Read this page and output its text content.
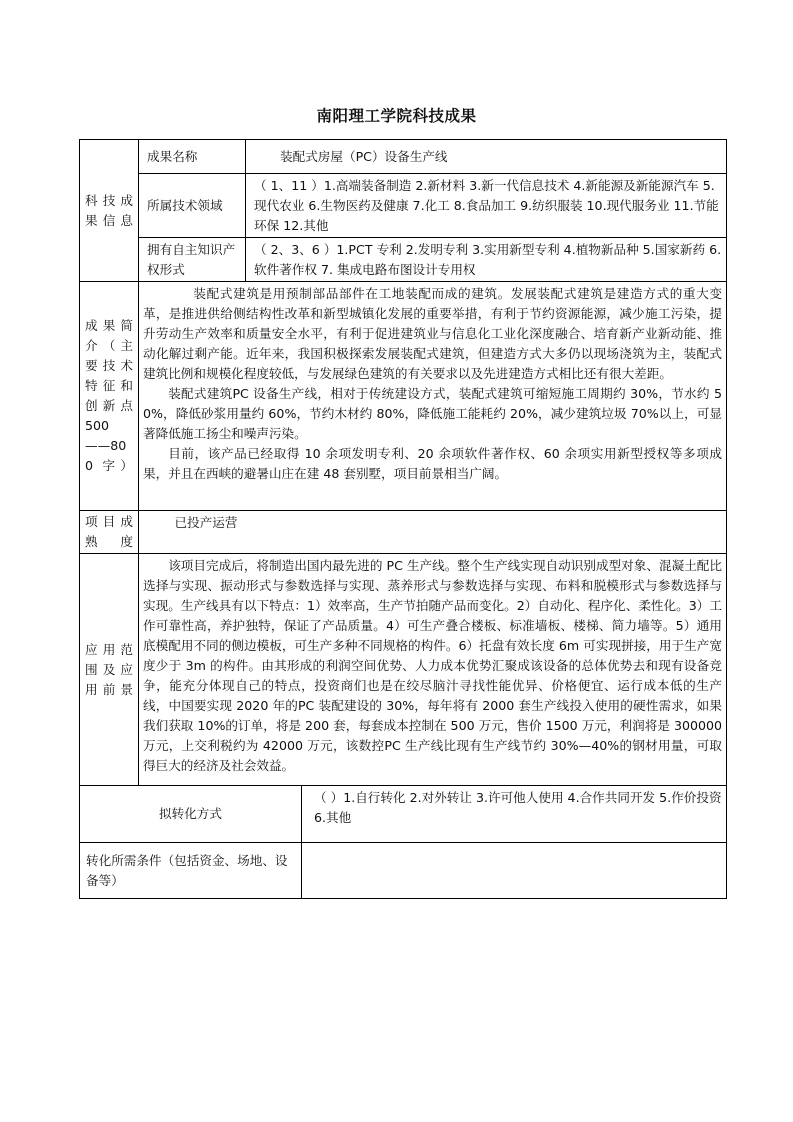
南阳理工学院科技成果
科技成果信息	成果名称	装配式房屋（PC）设备生产线	
	所属技术领域	（ 1、11 ）1.高端装备制造 2.新材料 3.新一代信息技术 4.新能源及新能源汽车 5.现代农业 6.生物医药及健康 7.化工 8.食品加工 9.纺织服装 10.现代服务业 11.节能环保 12.其他	
	拥有自主知识产权形式	（ 2、3、6 ）1.PCT 专利 2.发明专利 3.实用新型专利 4.植物新品种 5.国家新药 6.软件著作权 7. 集成电路布图设计专用权	
成果简介（主要技术特征和创新点 500——800 字）	装配式建筑是用预制部品部件在工地装配而成的建筑。发展装配式建筑是建造方式的重大变革，是推进供给侧结构性改革和新型城镇化发展的重要举措，有利于节约资源能源，减少施工污染，提升劳动生产效率和质量安全水平，有利于促进建筑业与信息化工业化深度融合、培育新产业新动能、推动化解过剩产能。近年来，我国积极探索发展装配式建筑，但建造方式大多仍以现场浇筑为主，装配式建筑比例和规模化程度较低，与发展绿色建筑的有关要求以及先进建造方式相比还有很大差距。

装配式建筑PC 设备生产线，相对于传统建设方式，装配式建筑可缩短施工周期约 30%，节水约 50%，降低砂浆用量约 60%，节约木材约 80%，降低施工能耗约 20%，减少建筑垃圾 70%以上，可显著降低施工扬尘和噪声污染。

目前，该产品已经取得 10 余项发明专利、20 余项软件著作权、60 余项实用新型授权等多项成果，并且在西峡的避暑山庄在建 48 套别墅，项目前景相当广阔。		

项目成熟度	已投产运营		

应用范围及应用前景	该项目完成后，将制造出国内最先进的 PC 生产线。整个生产线实现自动识别成型对象、混凝土配比选择与实现、振动形式与参数选择与实现、蒸养形式与参数选择与实现、布料和脱模形式与参数选择与实现。生产线具有以下特点：1）效率高，生产节拍随产品而变化。2）自动化、程序化、柔性化。3）工作可靠性高，养护独特，保证了产品质量。4）可生产叠合楼板、标准墙板、楼梯、简力墙等。5）通用底模配用不同的侧边模板，可生产多种不同规格的构件。6）托盘有效长度 6m 可实现拼接，用于生产宽度少于 3m 的构件。由其形成的利润空间优势、人力成本优势汇聚成该设备的总体优势去和现有设备竞争，能充分体现自己的特点，投资商们也是在绞尽脑汁寻找性能优异、价格便宜、运行成本低的生产线，中国要实现 2020 年的PC 装配建设的 30%，每年将有 2000 套生产线投入使用的硬性需求，如果我们获取 10%的订单，将是 200 套，每套成本控制在 500 万元，售价 1500 万元，利润将是 300000 万元，上交利税约为 42000 万元，该数控PC 生产线比现有生产线节约 30%—40%的钢材用量，可取得巨大的经济及社会效益。		

拟转化方式			（ ）1.自行转化 2.对外转让 3.许可他人使用 4.合作共同开发 5.作价投资 6.其他
转化所需条件（包括资金、场地、设备等）			
